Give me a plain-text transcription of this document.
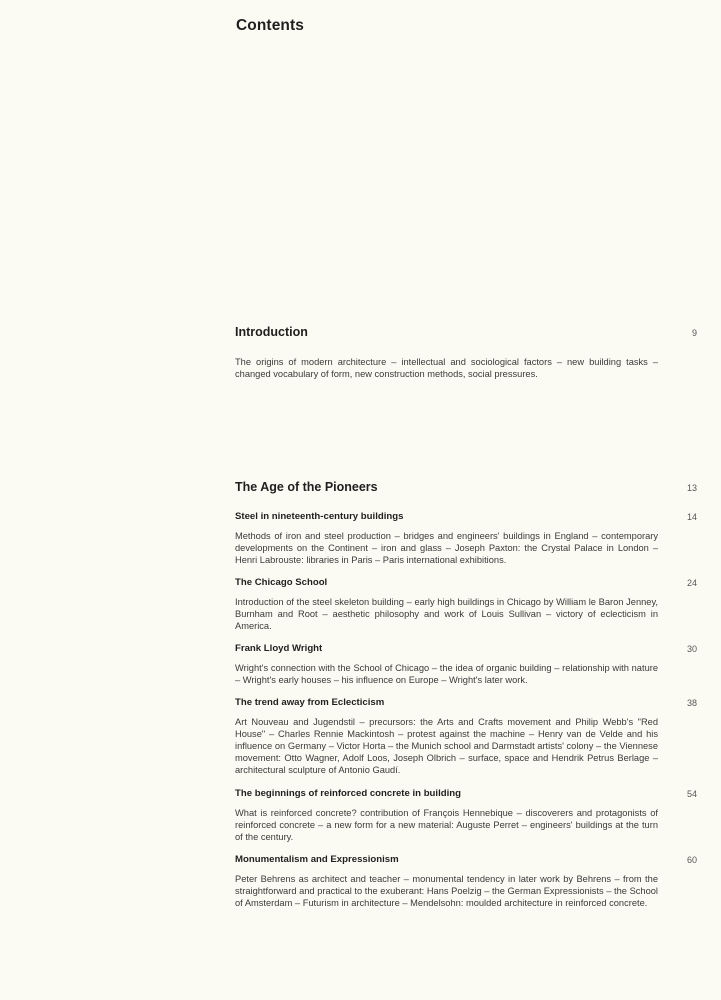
Contents
Introduction	9
The origins of modern architecture – intellectual and sociological factors – new building tasks – changed vocabulary of form, new construction methods, social pressures.
The Age of the Pioneers	13
Steel in nineteenth-century buildings	14
Methods of iron and steel production – bridges and engineers' buildings in England – contemporary developments on the Continent – iron and glass – Joseph Paxton: the Crystal Palace in London – Henri Labrouste: libraries in Paris – Paris international exhibitions.
The Chicago School	24
Introduction of the steel skeleton building – early high buildings in Chicago by William le Baron Jenney, Burnham and Root – aesthetic philosophy and work of Louis Sullivan – victory of eclecticism in America.
Frank Lloyd Wright	30
Wright's connection with the School of Chicago – the idea of organic building – relationship with nature – Wright's early houses – his influence on Europe – Wright's later work.
The trend away from Eclecticism	38
Art Nouveau and Jugendstil – precursors: the Arts and Crafts movement and Philip Webb's "Red House" – Charles Rennie Mackintosh – protest against the machine – Henry van de Velde and his influence on Germany – Victor Horta – the Munich school and Darmstadt artists' colony – the Viennese movement: Otto Wagner, Adolf Loos, Joseph Olbrich – surface, space and Hendrik Petrus Berlage – architectural sculpture of Antonio Gaudí.
The beginnings of reinforced concrete in building	54
What is reinforced concrete? contribution of François Hennebique – discoverers and protagonists of reinforced concrete – a new form for a new material: Auguste Perret – engineers' buildings at the turn of the century.
Monumentalism and Expressionism	60
Peter Behrens as architect and teacher – monumental tendency in later work by Behrens – from the straightforward and practical to the exuberant: Hans Poelzig – the German Expressionists – the School of Amsterdam – Futurism in architecture – Mendelsohn: moulded architecture in reinforced concrete.
